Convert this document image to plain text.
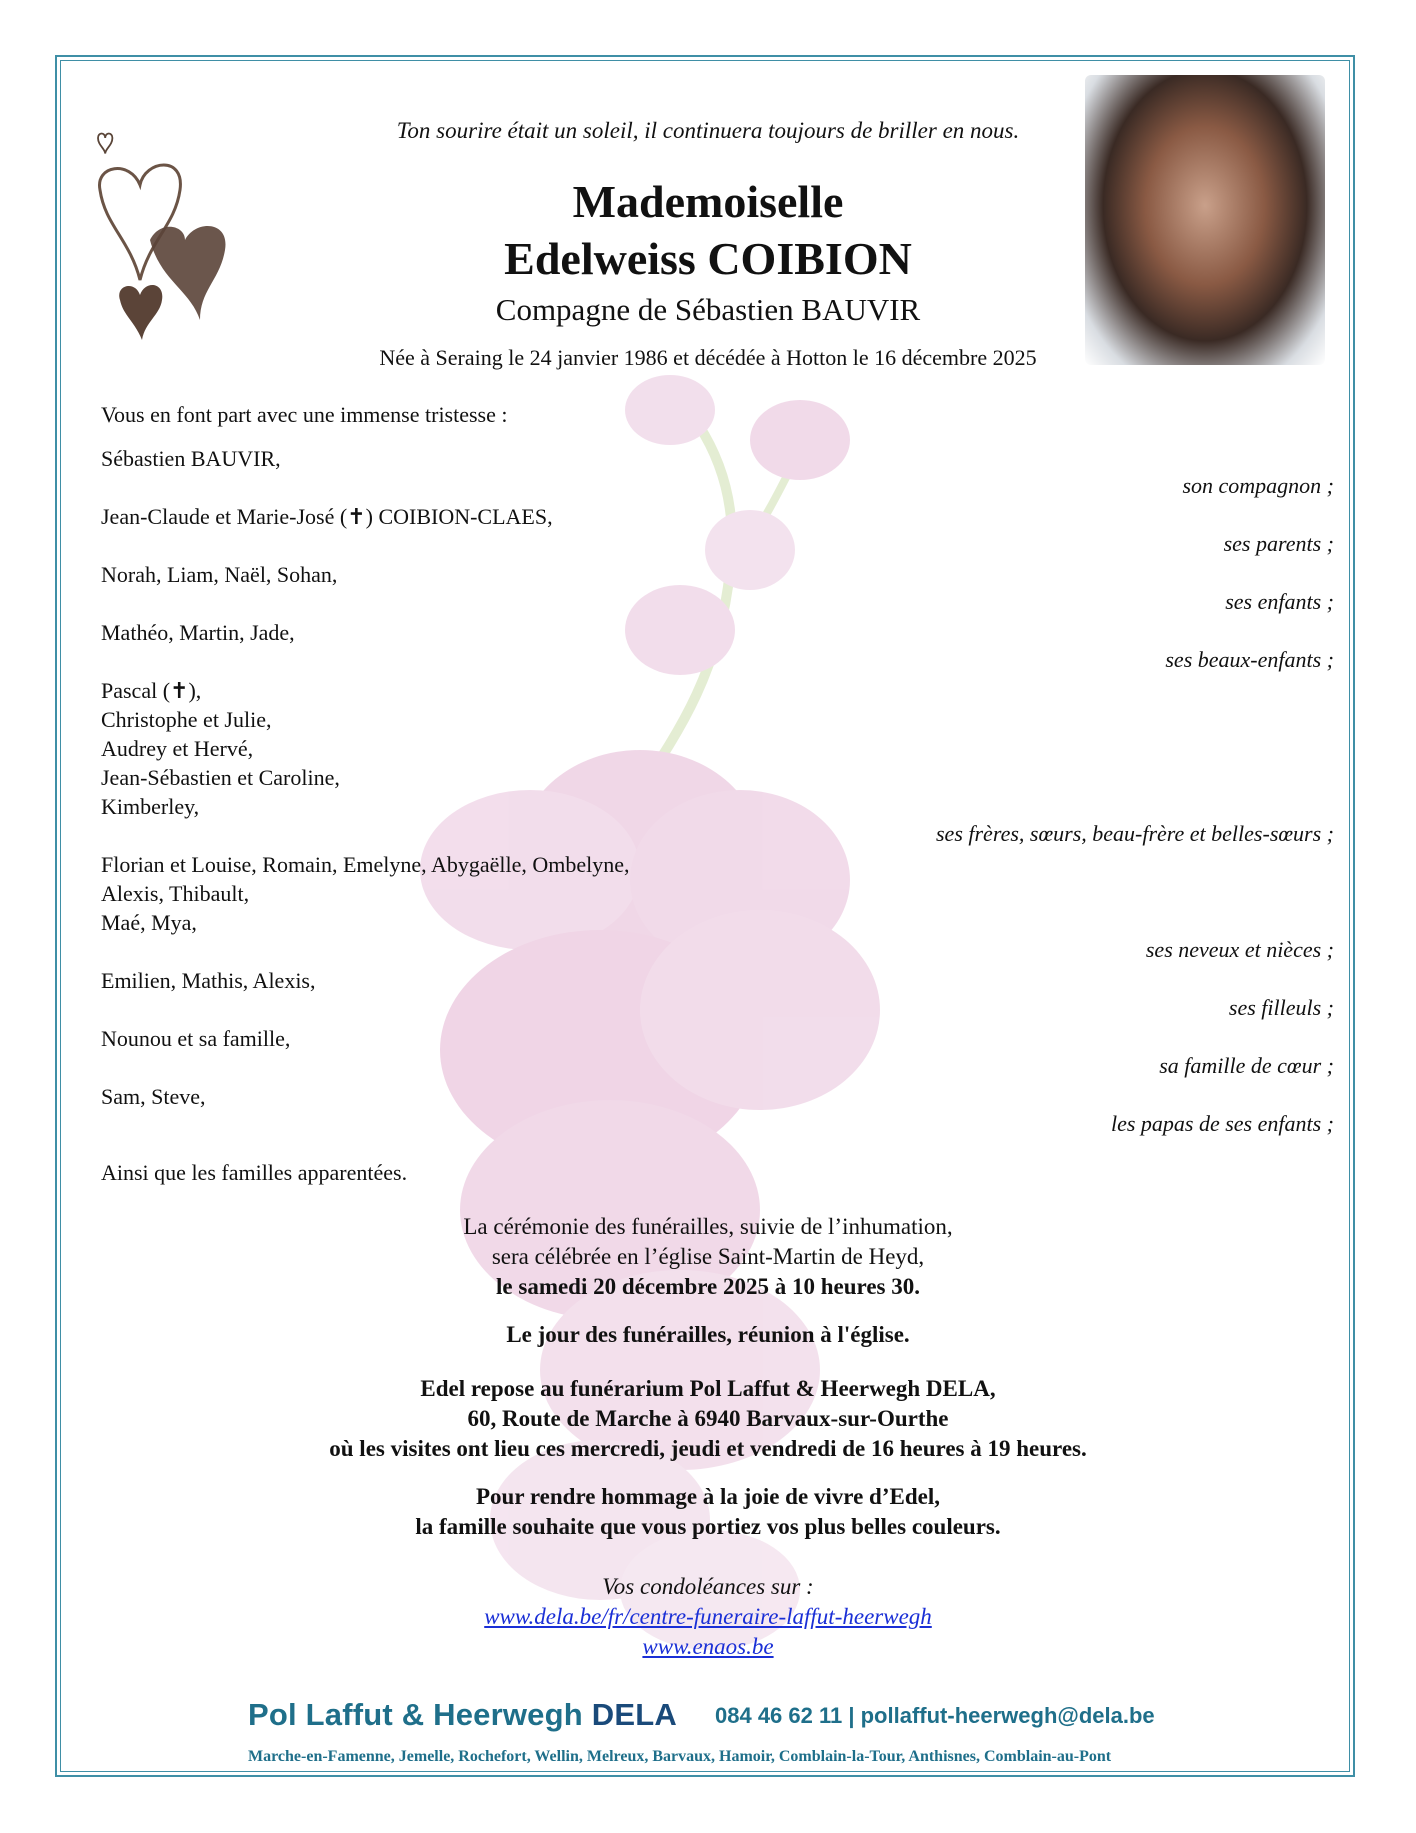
Ton sourire était un soleil, il continuera toujours de briller en nous.
Mademoiselle
Edelweiss COIBION
Compagne de Sébastien BAUVIR
Née à Seraing le 24 janvier 1986 et décédée à Hotton le 16 décembre 2025
Vous en font part avec une immense tristesse :
Sébastien BAUVIR,
son compagnon ;
Jean-Claude et Marie-José (✝) COIBION-CLAES,
ses parents ;
Norah, Liam, Naël, Sohan,
ses enfants ;
Mathéo, Martin, Jade,
ses beaux-enfants ;
Pascal (✝),
Christophe et Julie,
Audrey et Hervé,
Jean-Sébastien et Caroline,
Kimberley,
ses frères, sœurs, beau-frère et belles-sœurs ;
Florian et Louise, Romain, Emelyne, Abygaëlle, Ombelyne,
Alexis, Thibault,
Maé, Mya,
ses neveux et nièces ;
Emilien, Mathis, Alexis,
ses filleuls ;
Nounou et sa famille,
sa famille de cœur ;
Sam, Steve,
les papas de ses enfants ;
Ainsi que les familles apparentées.
La cérémonie des funérailles, suivie de l’inhumation,
sera célébrée en l’église Saint-Martin de Heyd,
le samedi 20 décembre 2025 à 10 heures 30.
Le jour des funérailles, réunion à l'église.
Edel repose au funérarium Pol Laffut & Heerwegh DELA,
60, Route de Marche à 6940 Barvaux-sur-Ourthe
où les visites ont lieu ces mercredi, jeudi et vendredi de 16 heures à 19 heures.
Pour rendre hommage à la joie de vivre d’Edel,
la famille souhaite que vous portiez vos plus belles couleurs.
Vos condoléances sur :
www.dela.be/fr/centre-funeraire-laffut-heerwegh
www.enaos.be
Pol Laffut & Heerwegh DELA 084 46 62 11 | pollaffut-heerwegh@dela.be
Marche-en-Famenne, Jemelle, Rochefort, Wellin, Melreux, Barvaux, Hamoir, Comblain-la-Tour, Anthisnes, Comblain-au-Pont
